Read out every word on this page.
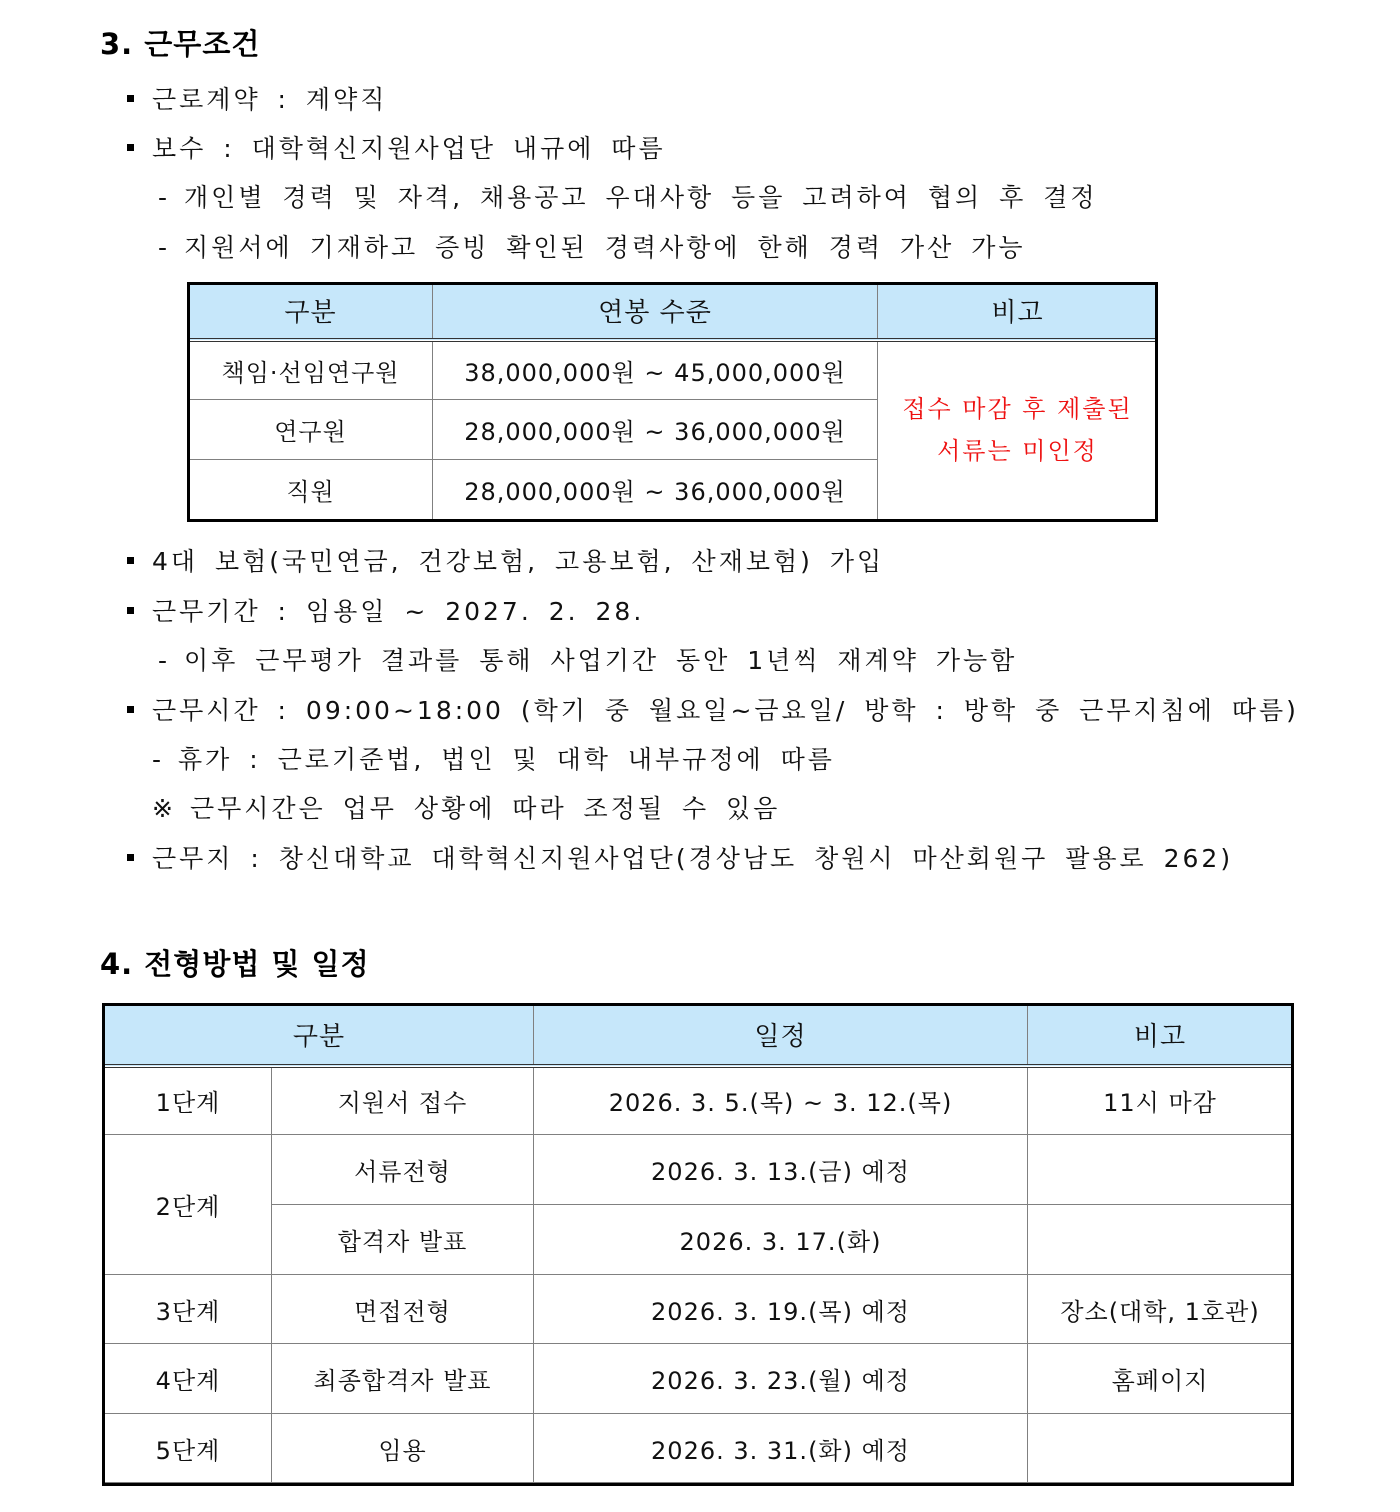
3. 근무조건
근로계약 : 계약직
보수 : 대학혁신지원사업단 내규에 따름
- 개인별 경력 및 자격, 채용공고 우대사항 등을 고려하여 협의 후 결정
- 지원서에 기재하고 증빙 확인된 경력사항에 한해 경력 가산 가능
구분	연봉 수준	비고
책임·선임연구원	38,000,000원 ~ 45,000,000원	접수 마감 후 제출된
서류는 미인정

연구원	28,000,000원 ~ 36,000,000원	
직원	28,000,000원 ~ 36,000,000원	
4대 보험(국민연금, 건강보험, 고용보험, 산재보험) 가입
근무기간 : 임용일 ~ 2027. 2. 28.
- 이후 근무평가 결과를 통해 사업기간 동안 1년씩 재계약 가능함
근무시간 : 09:00~18:00 (학기 중 월요일~금요일/ 방학 : 방학 중 근무지침에 따름)
- 휴가 : 근로기준법, 법인 및 대학 내부규정에 따름
※ 근무시간은 업무 상황에 따라 조정될 수 있음
근무지 : 창신대학교 대학혁신지원사업단(경상남도 창원시 마산회원구 팔용로 262)
4. 전형방법 및 일정
구분		일정	비고
1단계	지원서 접수	2026. 3. 5.(목) ~ 3. 12.(목)	11시 마감
2단계	서류전형	2026. 3. 13.(금) 예정	
	합격자 발표	2026. 3. 17.(화)	
3단계	면접전형	2026. 3. 19.(목) 예정	장소(대학, 1호관)
4단계	최종합격자 발표	2026. 3. 23.(월) 예정	홈페이지
5단계	임용	2026. 3. 31.(화) 예정	
